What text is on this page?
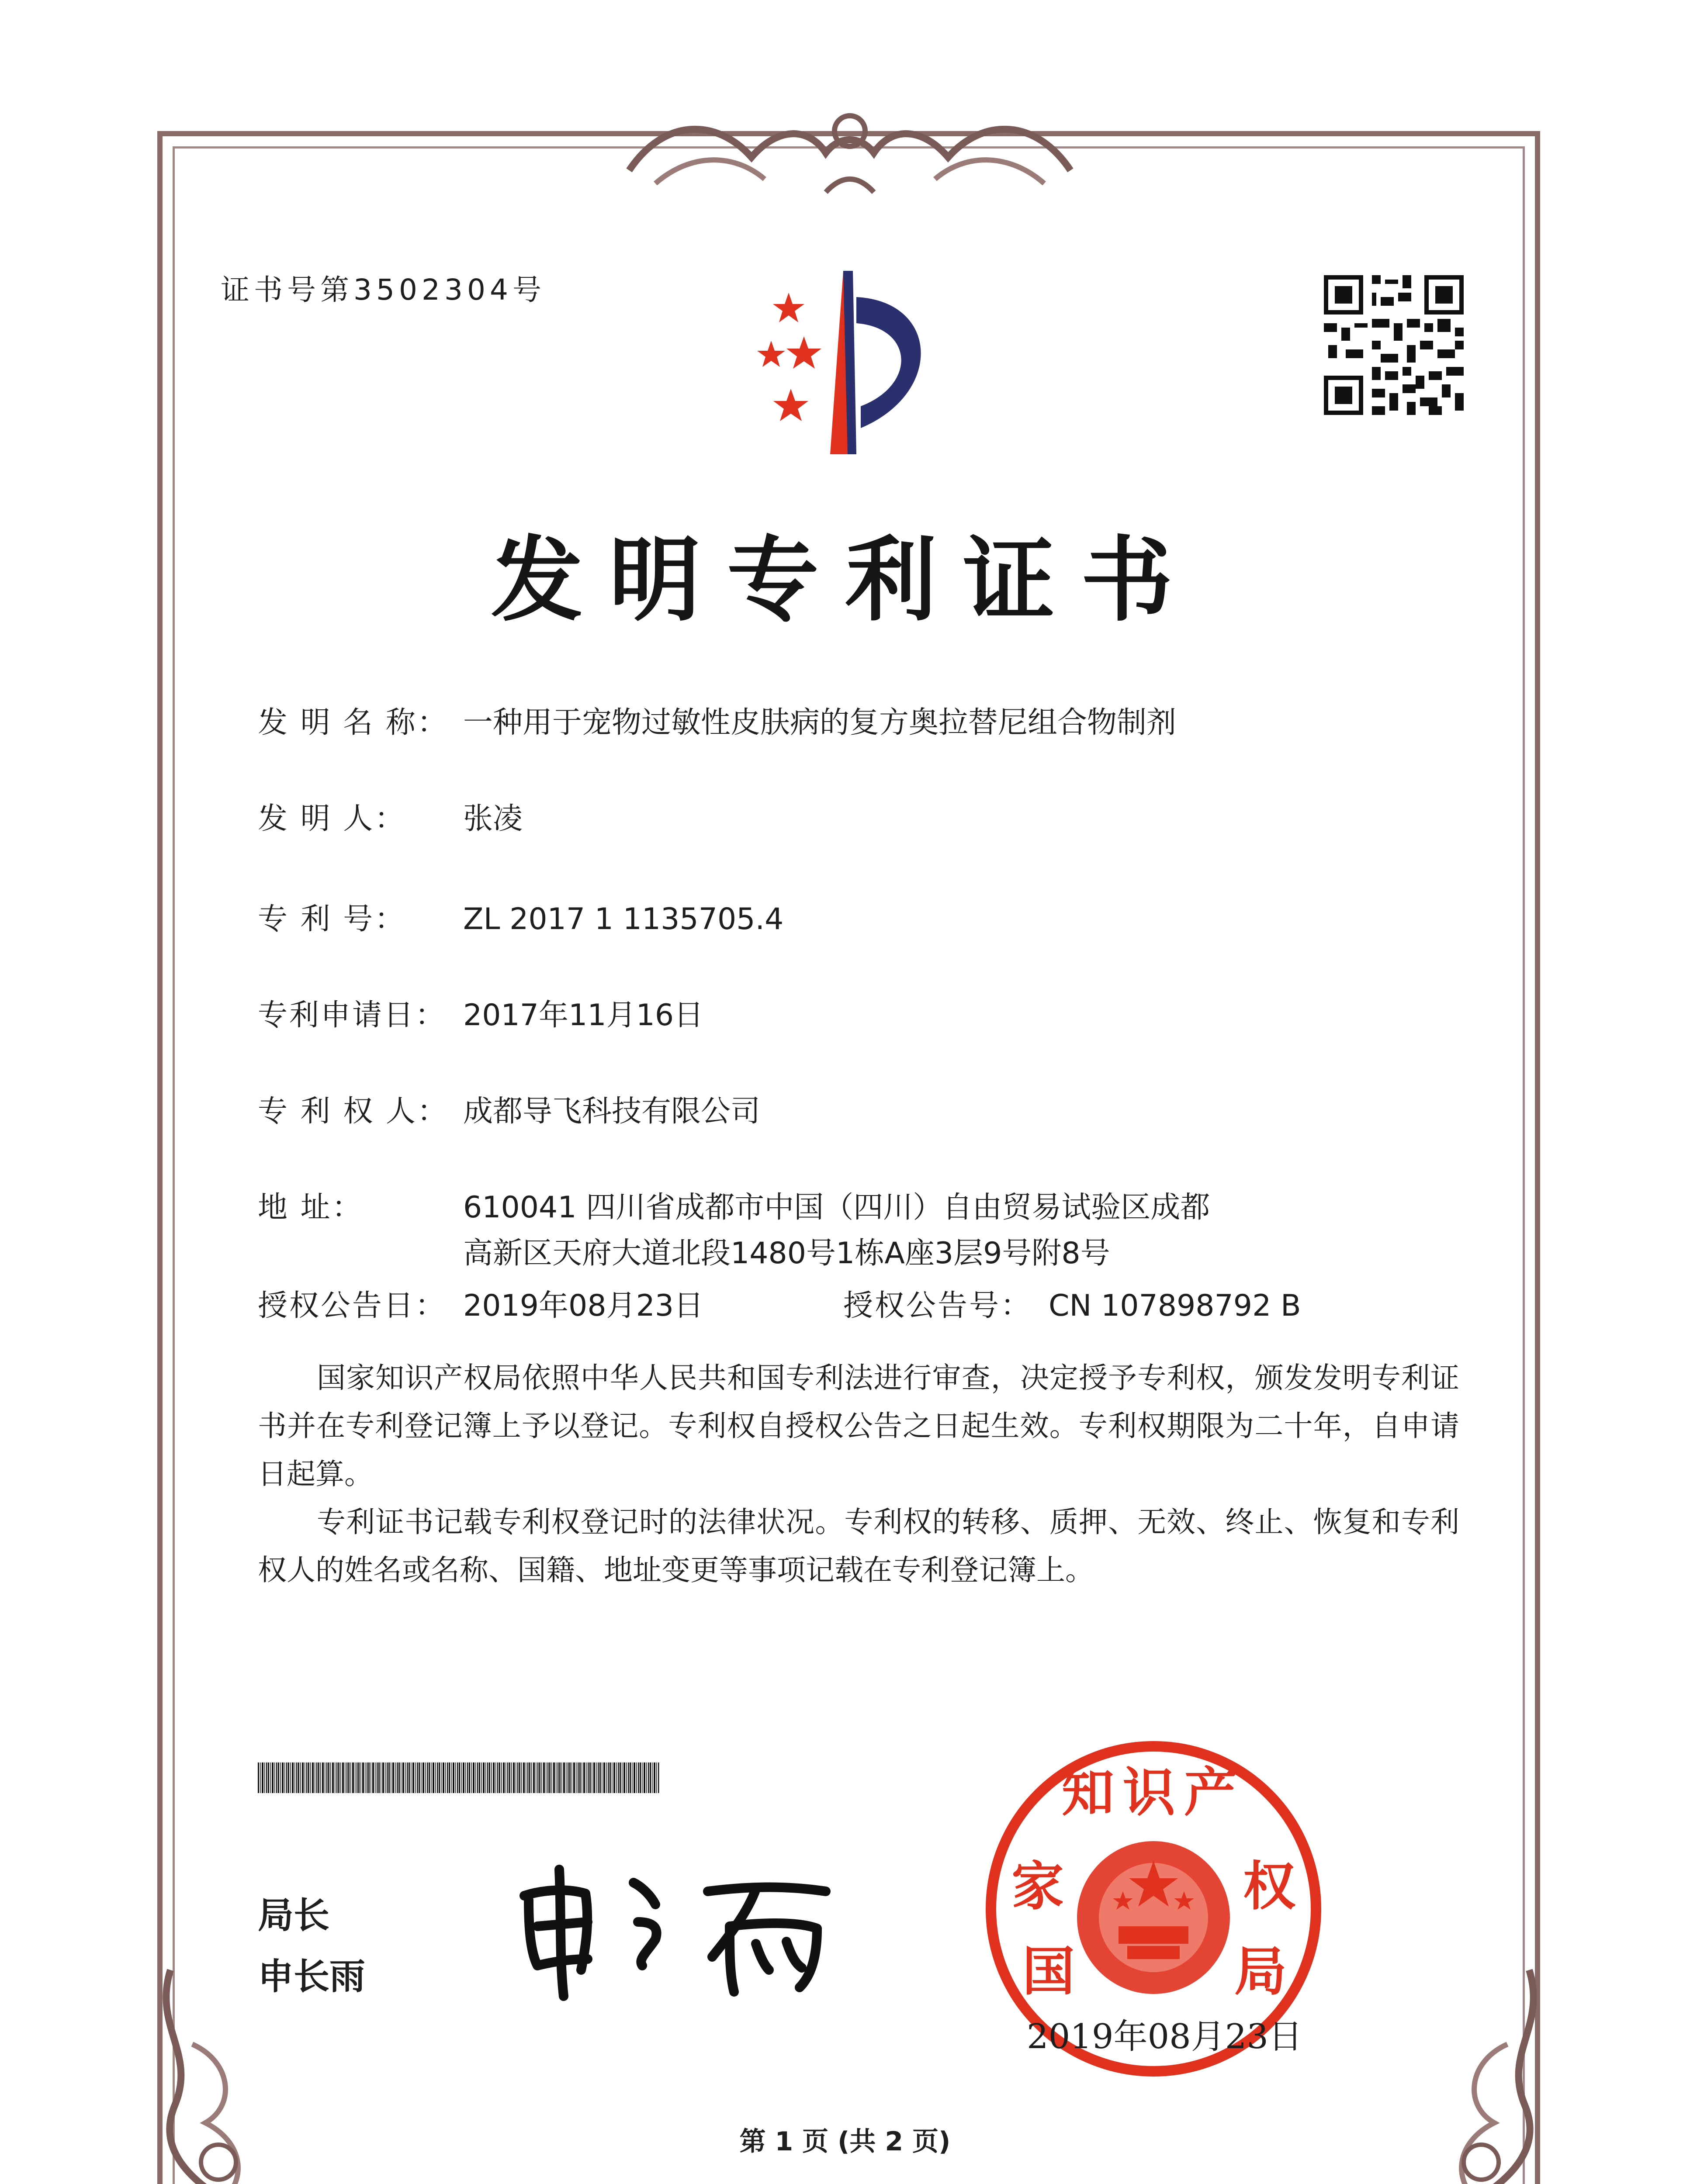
证书号第3502304号
发明专利证书
发 明 名 称： 一种用于宠物过敏性皮肤病的复方奥拉替尼组合物制剂
发 明 人： 张凌
专 利 号： ZL 2017 1 1135705.4
专利申请日： 2017年11月16日
专 利 权 人： 成都导飞科技有限公司
地 址：	610041 四川省成都市中国（四川）自由贸易试验区成都
高新区天府大道北段1480号1栋A座3层9号附8号
授权公告日： 2019年08月23日	授权公告号： CN 107898792 B
国家知识产权局依照中华人民共和国专利法进行审查，决定授予专利权，颁发发明专利证书并在专利登记簿上予以登记。专利权自授权公告之日起生效。专利权期限为二十年，自申请日起算。
专利证书记载专利权登记时的法律状况。专利权的转移、质押、无效、终止、恢复和专利权人的姓名或名称、国籍、地址变更等事项记载在专利登记簿上。
局长
申长雨
知识产
家	权
国	局
2019年08月23日
第 1 页 (共 2 页)
